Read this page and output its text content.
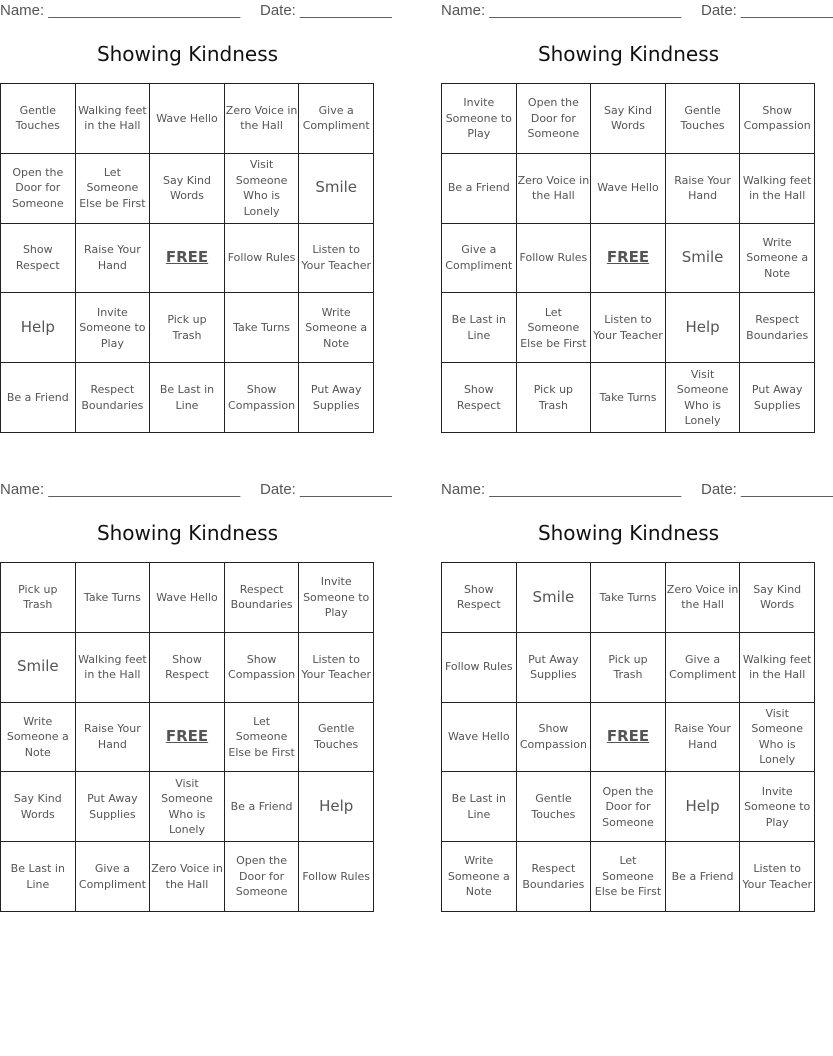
Name: _______________________ Date: ___________
Showing Kindness
Gentle Touches	Walking feet in the Hall	Wave Hello	Zero Voice in the Hall	Give a Compliment
Open the Door for Someone	Let Someone Else be First	Say Kind Words	Visit Someone Who is Lonely	Smile
Show Respect	Raise Your Hand	FREE	Follow Rules	Listen to Your Teacher
Help	Invite Someone to Play	Pick up Trash	Take Turns	Write Someone a Note
Be a Friend	Respect Boundaries	Be Last in Line	Show Compassion	Put Away Supplies
Name: _______________________ Date: ___________
Showing Kindness
Invite Someone to Play	Open the Door for Someone	Say Kind Words	Gentle Touches	Show Compassion
Be a Friend	Zero Voice in the Hall	Wave Hello	Raise Your Hand	Walking feet in the Hall
Give a Compliment	Follow Rules	FREE	Smile	Write Someone a Note
Be Last in Line	Let Someone Else be First	Listen to Your Teacher	Help	Respect Boundaries
Show Respect	Pick up Trash	Take Turns	Visit Someone Who is Lonely	Put Away Supplies
Name: _______________________ Date: ___________
Showing Kindness
Pick up Trash	Take Turns	Wave Hello	Respect Boundaries	Invite Someone to Play
Smile	Walking feet in the Hall	Show Respect	Show Compassion	Listen to Your Teacher
Write Someone a Note	Raise Your Hand	FREE	Let Someone Else be First	Gentle Touches
Say Kind Words	Put Away Supplies	Visit Someone Who is Lonely	Be a Friend	Help
Be Last in Line	Give a Compliment	Zero Voice in the Hall	Open the Door for Someone	Follow Rules
Name: _______________________ Date: ___________
Showing Kindness
Show Respect	Smile	Take Turns	Zero Voice in the Hall	Say Kind Words
Follow Rules	Put Away Supplies	Pick up Trash	Give a Compliment	Walking feet in the Hall
Wave Hello	Show Compassion	FREE	Raise Your Hand	Visit Someone Who is Lonely
Be Last in Line	Gentle Touches	Open the Door for Someone	Help	Invite Someone to Play
Write Someone a Note	Respect Boundaries	Let Someone Else be First	Be a Friend	Listen to Your Teacher
